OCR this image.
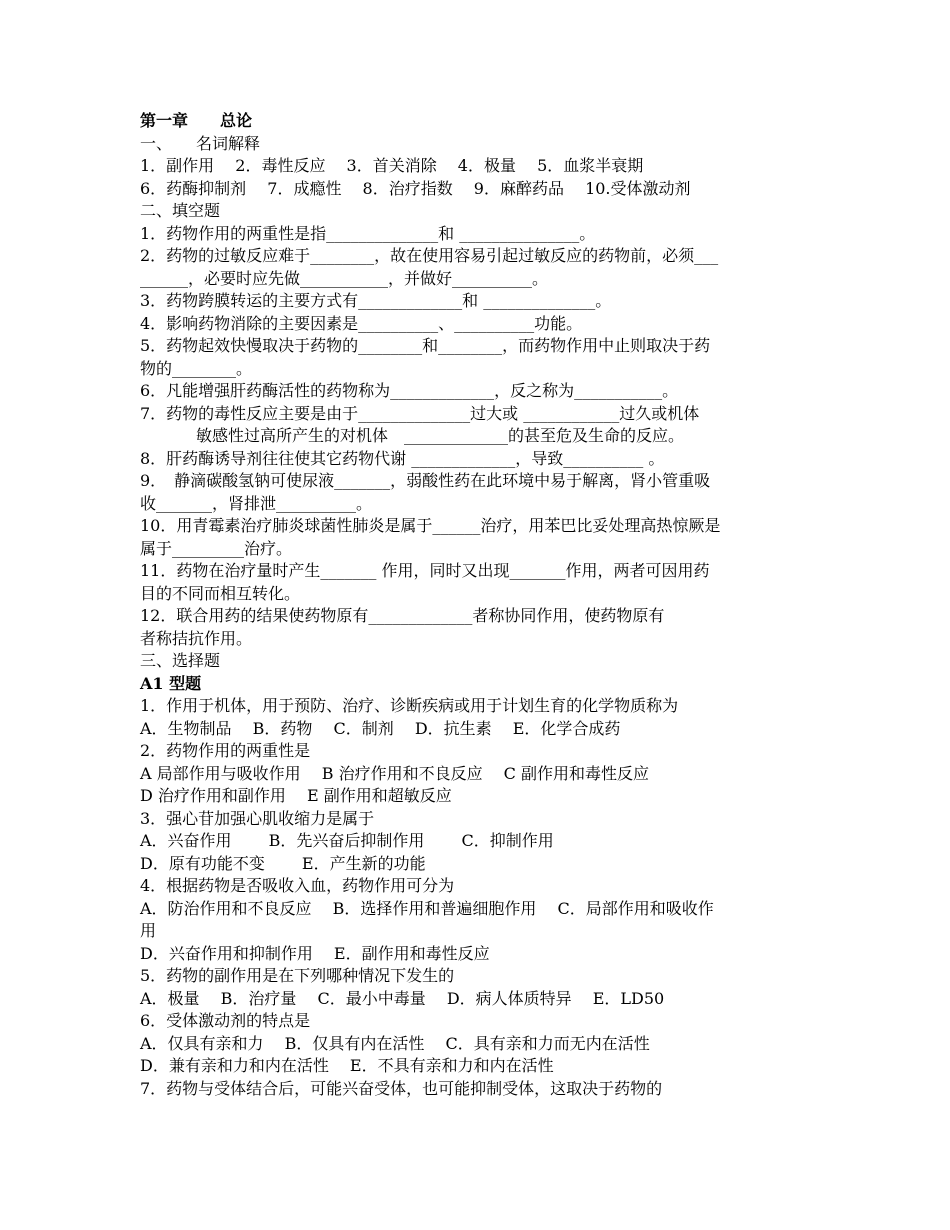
第一章　　总论
一、　　名词解释
1．副作用　 2．毒性反应　 3．首关消除　 4．极量　 5．血浆半衰期
6．药酶抑制剂　 7．成瘾性　 8．治疗指数　 9．麻醉药品　 10.受体激动剂
二、填空题
1．药物作用的两重性是指______________和 _______________。
2．药物的过敏反应难于________，故在使用容易引起过敏反应的药物前，必须___
______，必要时应先做___________，并做好__________。
3．药物跨膜转运的主要方式有_____________和 ______________。
4．影响药物消除的主要因素是__________、__________功能。
5．药物起效快慢取决于药物的________和________，而药物作用中止则取决于药
物的________。
6．凡能增强肝药酶活性的药物称为_____________，反之称为___________。
7．药物的毒性反应主要是由于______________过大或 ____________过久或机体
敏感性过高所产生的对机体　_____________的甚至危及生命的反应。
8．肝药酶诱导剂往往使其它药物代谢 _____________，导致__________ 。
9．　静滴碳酸氢钠可使尿液_______，弱酸性药在此环境中易于解离，肾小管重吸
收_______，肾排泄__________。
10．用青霉素治疗肺炎球菌性肺炎是属于______治疗，用苯巴比妥处理高热惊厥是
属于_________治疗。
11．药物在治疗量时产生_______ 作用，同时又出现_______作用，两者可因用药
目的不同而相互转化。
12．联合用药的结果使药物原有_____________者称协同作用，使药物原有
者称拮抗作用。
三、选择题
A1 型题
1．作用于机体，用于预防、治疗、诊断疾病或用于计划生育的化学物质称为
A．生物制品　 B．药物　 C．制剂　 D．抗生素　 E．化学合成药
2．药物作用的两重性是
A 局部作用与吸收作用　 B 治疗作用和不良反应　 C 副作用和毒性反应
D 治疗作用和副作用　 E 副作用和超敏反应
3．强心苷加强心肌收缩力是属于
A．兴奋作用　　 B．先兴奋后抑制作用　　 C．抑制作用
D．原有功能不变　　 E．产生新的功能
4．根据药物是否吸收入血，药物作用可分为
A．防治作用和不良反应　 B．选择作用和普遍细胞作用　 C．局部作用和吸收作
用
D．兴奋作用和抑制作用　 E．副作用和毒性反应
5．药物的副作用是在下列哪种情况下发生的
A．极量　 B．治疗量　 C．最小中毒量　 D．病人体质特异　 E．LD50
6．受体激动剂的特点是
A．仅具有亲和力　 B．仅具有内在活性　 C．具有亲和力而无内在活性
D．兼有亲和力和内在活性　 E．不具有亲和力和内在活性
7．药物与受体结合后，可能兴奋受体，也可能抑制受体，这取决于药物的
